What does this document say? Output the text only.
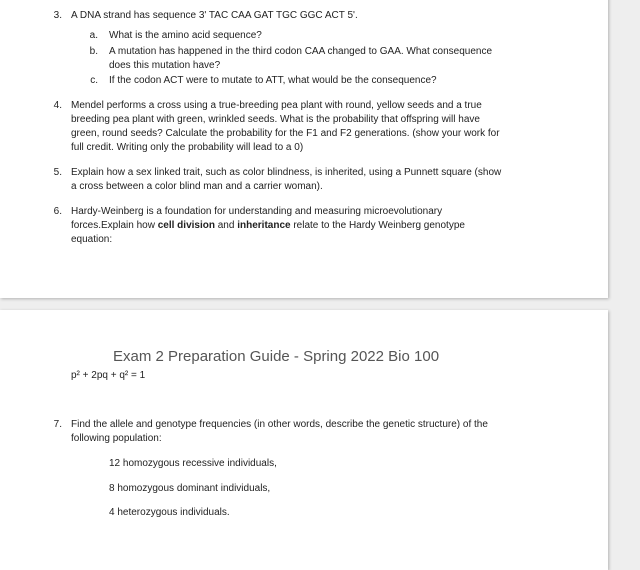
3. A DNA strand has sequence 3' TAC CAA GAT TGC GGC ACT 5'.
a. What is the amino acid sequence?
b. A mutation has happened in the third codon CAA changed to GAA. What consequence
does this mutation have?
c. If the codon ACT were to mutate to ATT, what would be the consequence?
4. Mendel performs a cross using a true-breeding pea plant with round, yellow seeds and a true
breeding pea plant with green, wrinkled seeds. What is the probability that offspring will have
green, round seeds? Calculate the probability for the F1 and F2 generations. (show your work for
full credit. Writing only the probability will lead to a 0)
5. Explain how a sex linked trait, such as color blindness, is inherited, using a Punnett square (show
a cross between a color blind man and a carrier woman).
6. Hardy-Weinberg is a foundation for understanding and measuring microevolutionary
forces.Explain how cell division and inheritance relate to the Hardy Weinberg genotype
equation:
Exam 2 Preparation Guide - Spring 2022 Bio 100
p² + 2pq + q² = 1
7. Find the allele and genotype frequencies (in other words, describe the genetic structure) of the
following population:
12 homozygous recessive individuals,
8 homozygous dominant individuals,
4 heterozygous individuals.
